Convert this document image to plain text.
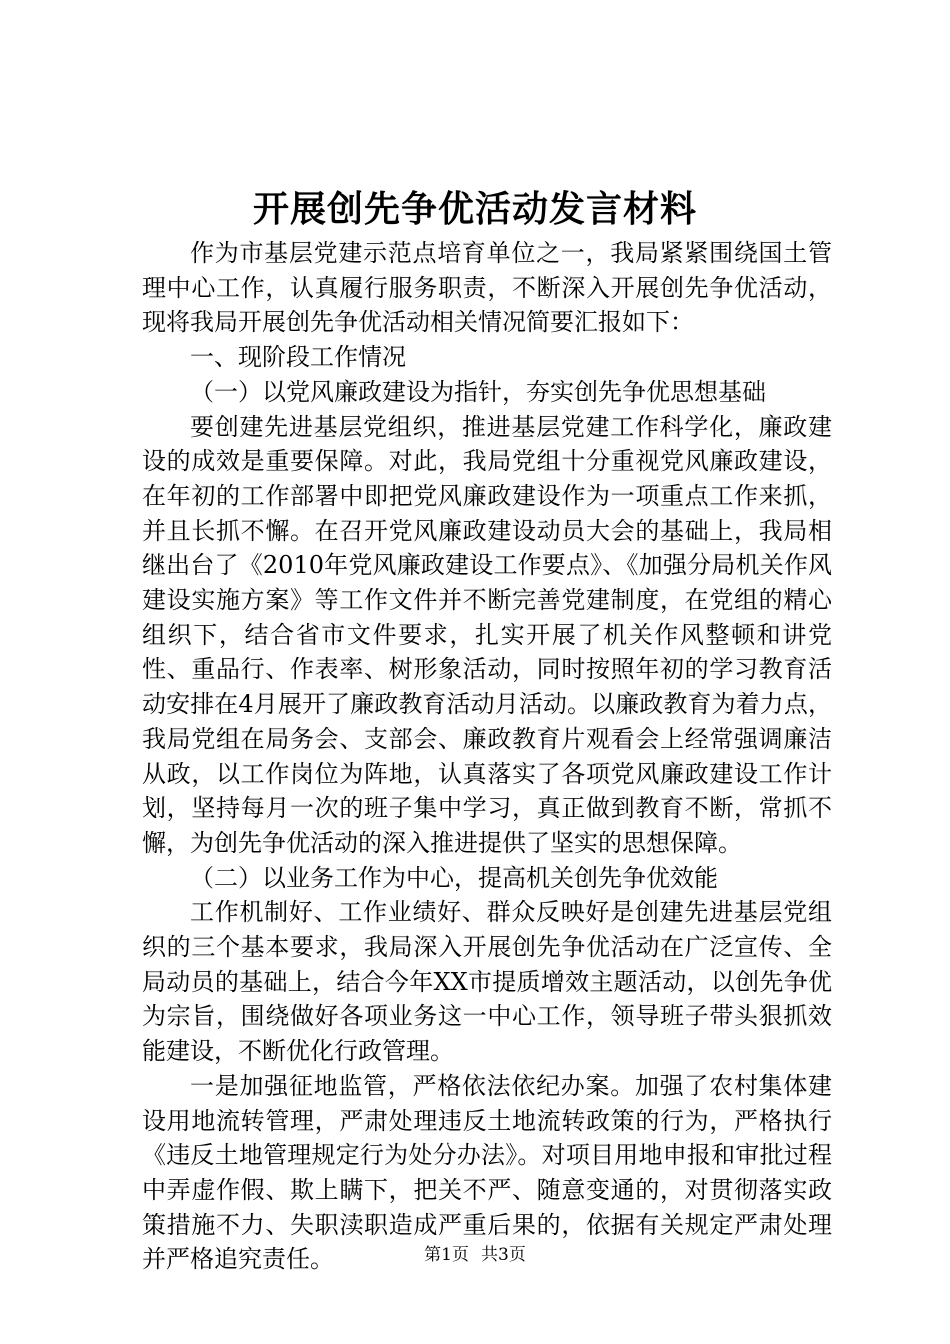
开展创先争优活动发言材料

作为市基层党建示范点培育单位之一，我局紧紧围绕国土管理中心工作，认真履行服务职责，不断深入开展创先争优活动，现将我局开展创先争优活动相关情况简要汇报如下：

一、现阶段工作情况

（一）以党风廉政建设为指针，夯实创先争优思想基础

要创建先进基层党组织，推进基层党建工作科学化，廉政建设的成效是重要保障。对此，我局党组十分重视党风廉政建设，在年初的工作部署中即把党风廉政建设作为一项重点工作来抓，并且长抓不懈。在召开党风廉政建设动员大会的基础上，我局相继出台了《2010年党风廉政建设工作要点》、《加强分局机关作风建设实施方案》等工作文件并不断完善党建制度，在党组的精心组织下，结合省市文件要求，扎实开展了机关作风整顿和讲党性、重品行、作表率、树形象活动，同时按照年初的学习教育活动安排在4月展开了廉政教育活动月活动。以廉政教育为着力点，我局党组在局务会、支部会、廉政教育片观看会上经常强调廉洁从政，以工作岗位为阵地，认真落实了各项党风廉政建设工作计划，坚持每月一次的班子集中学习，真正做到教育不断，常抓不懈，为创先争优活动的深入推进提供了坚实的思想保障。

（二）以业务工作为中心，提高机关创先争优效能

工作机制好、工作业绩好、群众反映好是创建先进基层党组织的三个基本要求，我局深入开展创先争优活动在广泛宣传、全局动员的基础上，结合今年XX市提质增效主题活动，以创先争优为宗旨，围绕做好各项业务这一中心工作，领导班子带头狠抓效能建设，不断优化行政管理。

一是加强征地监管，严格依法依纪办案。加强了农村集体建设用地流转管理，严肃处理违反土地流转政策的行为，严格执行《违反土地管理规定行为处分办法》。对项目用地申报和审批过程中弄虚作假、欺上瞒下，把关不严、随意变通的，对贯彻落实政策措施不力、失职渎职造成严重后果的，依据有关规定严肃处理并严格追究责任。	第1页 共3页
